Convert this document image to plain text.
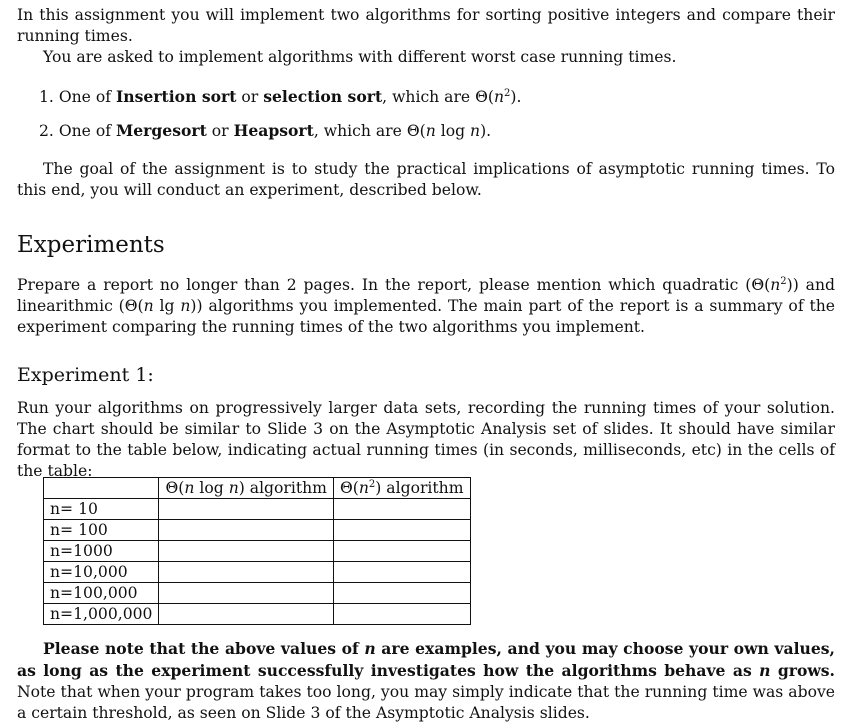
In this assignment you will implement two algorithms for sorting positive integers and compare their running times.

You are asked to implement algorithms with different worst case running times.

1. One of Insertion sort or selection sort, which are $\Theta(n^2)$.

2. One of Mergesort or Heapsort, which are Θ(n log n).

The goal of the assignment is to study the practical implications of asymptotic running times. To this end, you will conduct an experiment, described below.

Experiments

Prepare a report no longer than 2 pages. In the report, please mention which quadratic $(\Theta(n^2))$ and linearithmic (Θ(n lg n)) algorithms you implemented. The main part of the report is a summary of the experiment comparing the running times of the two algorithms you implement.

Experiment 1:

Run your algorithms on progressively larger data sets, recording the running times of your solution. The chart should be similar to Slide 3 on the Asymptotic Analysis set of slides. It should have similar format to the table below, indicating actual running times (in seconds, milliseconds, etc) in the cells of the table:

	Θ(n log n) algorithm	$\Theta(n^2)$ algorithm
n= 10		
n= 100		
n=1000		
n=10,000		
n=100,000		
n=1,000,000		

Please note that the above values of n are examples, and you may choose your own values, as long as the experiment successfully investigates how the algorithms behave as n grows. Note that when your program takes too long, you may simply indicate that the running time was above a certain threshold, as seen on Slide 3 of the Asymptotic Analysis slides.
